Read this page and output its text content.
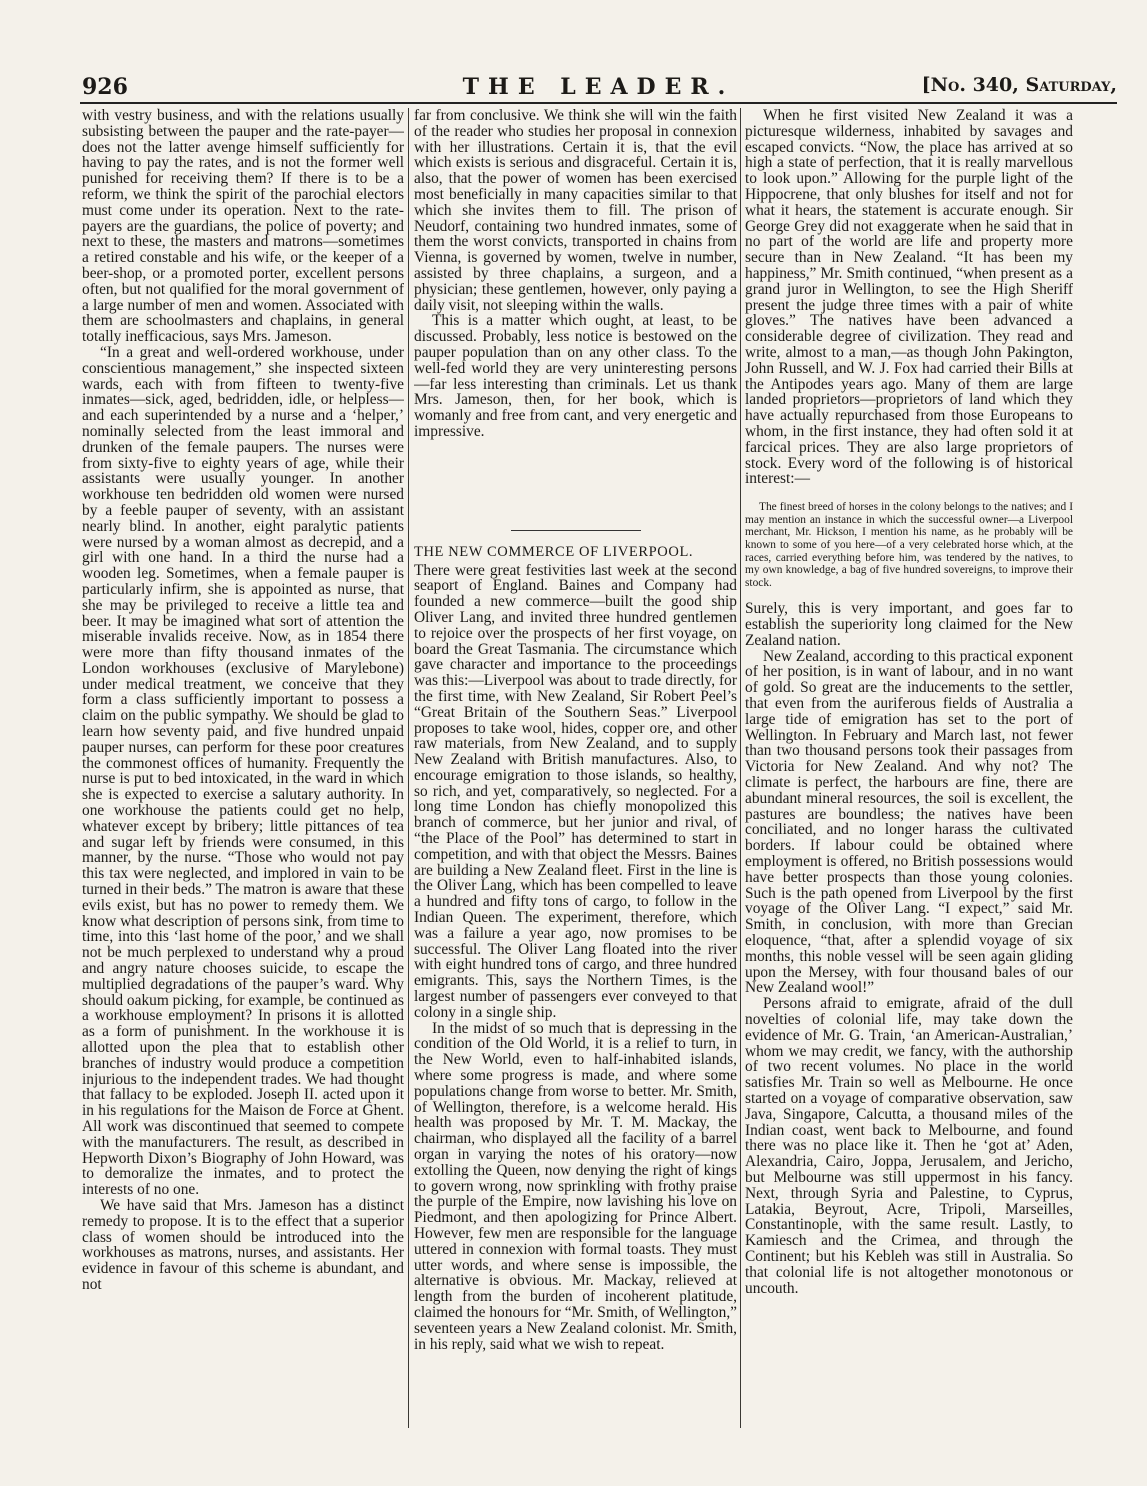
926	THE LEADER.	[No. 340, Saturday,

with vestry business, and with the relations usually subsisting between the pauper and the rate-payer—does not the latter avenge himself sufficiently for having to pay the rates, and is not the former well punished for receiving them? If there is to be a reform, we think the spirit of the parochial electors must come under its operation. Next to the rate-payers are the guardians, the police of poverty; and next to these, the masters and matrons—sometimes a retired constable and his wife, or the keeper of a beer-shop, or a promoted porter, excellent persons often, but not qualified for the moral government of a large number of men and women. Associated with them are schoolmasters and chaplains, in general totally inefficacious, says Mrs. Jameson.

“In a great and well-ordered workhouse, under conscientious management,” she inspected sixteen wards, each with from fifteen to twenty-five inmates—sick, aged, bedridden, idle, or helpless—and each superintended by a nurse and a ‘helper,’ nominally selected from the least immoral and drunken of the female paupers. The nurses were from sixty-five to eighty years of age, while their assistants were usually younger. In another workhouse ten bedridden old women were nursed by a feeble pauper of seventy, with an assistant nearly blind. In another, eight paralytic patients were nursed by a woman almost as decrepid, and a girl with one hand. In a third the nurse had a wooden leg. Sometimes, when a female pauper is particularly infirm, she is appointed as nurse, that she may be privileged to receive a little tea and beer. It may be imagined what sort of attention the miserable invalids receive. Now, as in 1854 there were more than fifty thousand inmates of the London workhouses (exclusive of Marylebone) under medical treatment, we conceive that they form a class sufficiently important to possess a claim on the public sympathy. We should be glad to learn how seventy paid, and five hundred unpaid pauper nurses, can perform for these poor creatures the commonest offices of humanity. Frequently the nurse is put to bed intoxicated, in the ward in which she is expected to exercise a salutary authority. In one workhouse the patients could get no help, whatever except by bribery; little pittances of tea and sugar left by friends were consumed, in this manner, by the nurse. “Those who would not pay this tax were neglected, and implored in vain to be turned in their beds.” The matron is aware that these evils exist, but has no power to remedy them. We know what description of persons sink, from time to time, into this ‘last home of the poor,’ and we shall not be much perplexed to understand why a proud and angry nature chooses suicide, to escape the multiplied degradations of the pauper’s ward. Why should oakum picking, for example, be continued as a workhouse employment? In prisons it is allotted as a form of punishment. In the workhouse it is allotted upon the plea that to establish other branches of industry would produce a competition injurious to the independent trades. We had thought that fallacy to be exploded. Joseph II. acted upon it in his regulations for the Maison de Force at Ghent. All work was discontinued that seemed to compete with the manufacturers. The result, as described in Hepworth Dixon’s Biography of John Howard, was to demoralize the inmates, and to protect the interests of no one.

We have said that Mrs. Jameson has a distinct remedy to propose. It is to the effect that a superior class of women should be introduced into the workhouses as matrons, nurses, and assistants. Her evidence in favour of this scheme is abundant, and not

far from conclusive. We think she will win the faith of the reader who studies her proposal in connexion with her illustrations. Certain it is, that the evil which exists is serious and disgraceful. Certain it is, also, that the power of women has been exercised most beneficially in many capacities similar to that which she invites them to fill. The prison of Neudorf, containing two hundred inmates, some of them the worst convicts, transported in chains from Vienna, is governed by women, twelve in number, assisted by three chaplains, a surgeon, and a physician; these gentlemen, however, only paying a daily visit, not sleeping within the walls.

This is a matter which ought, at least, to be discussed. Probably, less notice is bestowed on the pauper population than on any other class. To the well-fed world they are very uninteresting persons—far less interesting than criminals. Let us thank Mrs. Jameson, then, for her book, which is womanly and free from cant, and very energetic and impressive.

THE NEW COMMERCE OF LIVERPOOL.

There were great festivities last week at the second seaport of England. Baines and Company had founded a new commerce—built the good ship Oliver Lang, and invited three hundred gentlemen to rejoice over the prospects of her first voyage, on board the Great Tasmania. The circumstance which gave character and importance to the proceedings was this:—Liverpool was about to trade directly, for the first time, with New Zealand, Sir Robert Peel’s “Great Britain of the Southern Seas.” Liverpool proposes to take wool, hides, copper ore, and other raw materials, from New Zealand, and to supply New Zealand with British manufactures. Also, to encourage emigration to those islands, so healthy, so rich, and yet, comparatively, so neglected. For a long time London has chiefly monopolized this branch of commerce, but her junior and rival, of “the Place of the Pool” has determined to start in competition, and with that object the Messrs. Baines are building a New Zealand fleet. First in the line is the Oliver Lang, which has been compelled to leave a hundred and fifty tons of cargo, to follow in the Indian Queen. The experiment, therefore, which was a failure a year ago, now promises to be successful. The Oliver Lang floated into the river with eight hundred tons of cargo, and three hundred emigrants. This, says the Northern Times, is the largest number of passengers ever conveyed to that colony in a single ship.

In the midst of so much that is depressing in the condition of the Old World, it is a relief to turn, in the New World, even to half-inhabited islands, where some progress is made, and where some populations change from worse to better. Mr. Smith, of Wellington, therefore, is a welcome herald. His health was proposed by Mr. T. M. Mackay, the chairman, who displayed all the facility of a barrel organ in varying the notes of his oratory—now extolling the Queen, now denying the right of kings to govern wrong, now sprinkling with frothy praise the purple of the Empire, now lavishing his love on Piedmont, and then apologizing for Prince Albert. However, few men are responsible for the language uttered in connexion with formal toasts. They must utter words, and where sense is impossible, the alternative is obvious. Mr. Mackay, relieved at length from the burden of incoherent platitude, claimed the honours for “Mr. Smith, of Wellington,” seventeen years a New Zealand colonist. Mr. Smith, in his reply, said what we wish to repeat.

When he first visited New Zealand it was a picturesque wilderness, inhabited by savages and escaped convicts. “Now, the place has arrived at so high a state of perfection, that it is really marvellous to look upon.” Allowing for the purple light of the Hippocrene, that only blushes for itself and not for what it hears, the statement is accurate enough. Sir George Grey did not exaggerate when he said that in no part of the world are life and property more secure than in New Zealand. “It has been my happiness,” Mr. Smith continued, “when present as a grand juror in Wellington, to see the High Sheriff present the judge three times with a pair of white gloves.” The natives have been advanced a considerable degree of civilization. They read and write, almost to a man,—as though John Pakington, John Russell, and W. J. Fox had carried their Bills at the Antipodes years ago. Many of them are large landed proprietors—proprietors of land which they have actually repurchased from those Europeans to whom, in the first instance, they had often sold it at farcical prices. They are also large proprietors of stock. Every word of the following is of historical interest:—

The finest breed of horses in the colony belongs to the natives; and I may mention an instance in which the successful owner—a Liverpool merchant, Mr. Hickson, I mention his name, as he probably will be known to some of you here—of a very celebrated horse which, at the races, carried everything before him, was tendered by the natives, to my own knowledge, a bag of five hundred sovereigns, to improve their stock.

Surely, this is very important, and goes far to establish the superiority long claimed for the New Zealand nation.

New Zealand, according to this practical exponent of her position, is in want of labour, and in no want of gold. So great are the inducements to the settler, that even from the auriferous fields of Australia a large tide of emigration has set to the port of Wellington. In February and March last, not fewer than two thousand persons took their passages from Victoria for New Zealand. And why not? The climate is perfect, the harbours are fine, there are abundant mineral resources, the soil is excellent, the pastures are boundless; the natives have been conciliated, and no longer harass the cultivated borders. If labour could be obtained where employment is offered, no British possessions would have better prospects than those young colonies. Such is the path opened from Liverpool by the first voyage of the Oliver Lang. “I expect,” said Mr. Smith, in conclusion, with more than Grecian eloquence, “that, after a splendid voyage of six months, this noble vessel will be seen again gliding upon the Mersey, with four thousand bales of our New Zealand wool!”

Persons afraid to emigrate, afraid of the dull novelties of colonial life, may take down the evidence of Mr. G. Train, ‘an American-Australian,’ whom we may credit, we fancy, with the authorship of two recent volumes. No place in the world satisfies Mr. Train so well as Melbourne. He once started on a voyage of comparative observation, saw Java, Singapore, Calcutta, a thousand miles of the Indian coast, went back to Melbourne, and found there was no place like it. Then he ‘got at’ Aden, Alexandria, Cairo, Joppa, Jerusalem, and Jericho, but Melbourne was still uppermost in his fancy. Next, through Syria and Palestine, to Cyprus, Latakia, Beyrout, Acre, Tripoli, Marseilles, Constantinople, with the same result. Lastly, to Kamiesch and the Crimea, and through the Continent; but his Kebleh was still in Australia. So that colonial life is not altogether monotonous or uncouth.
